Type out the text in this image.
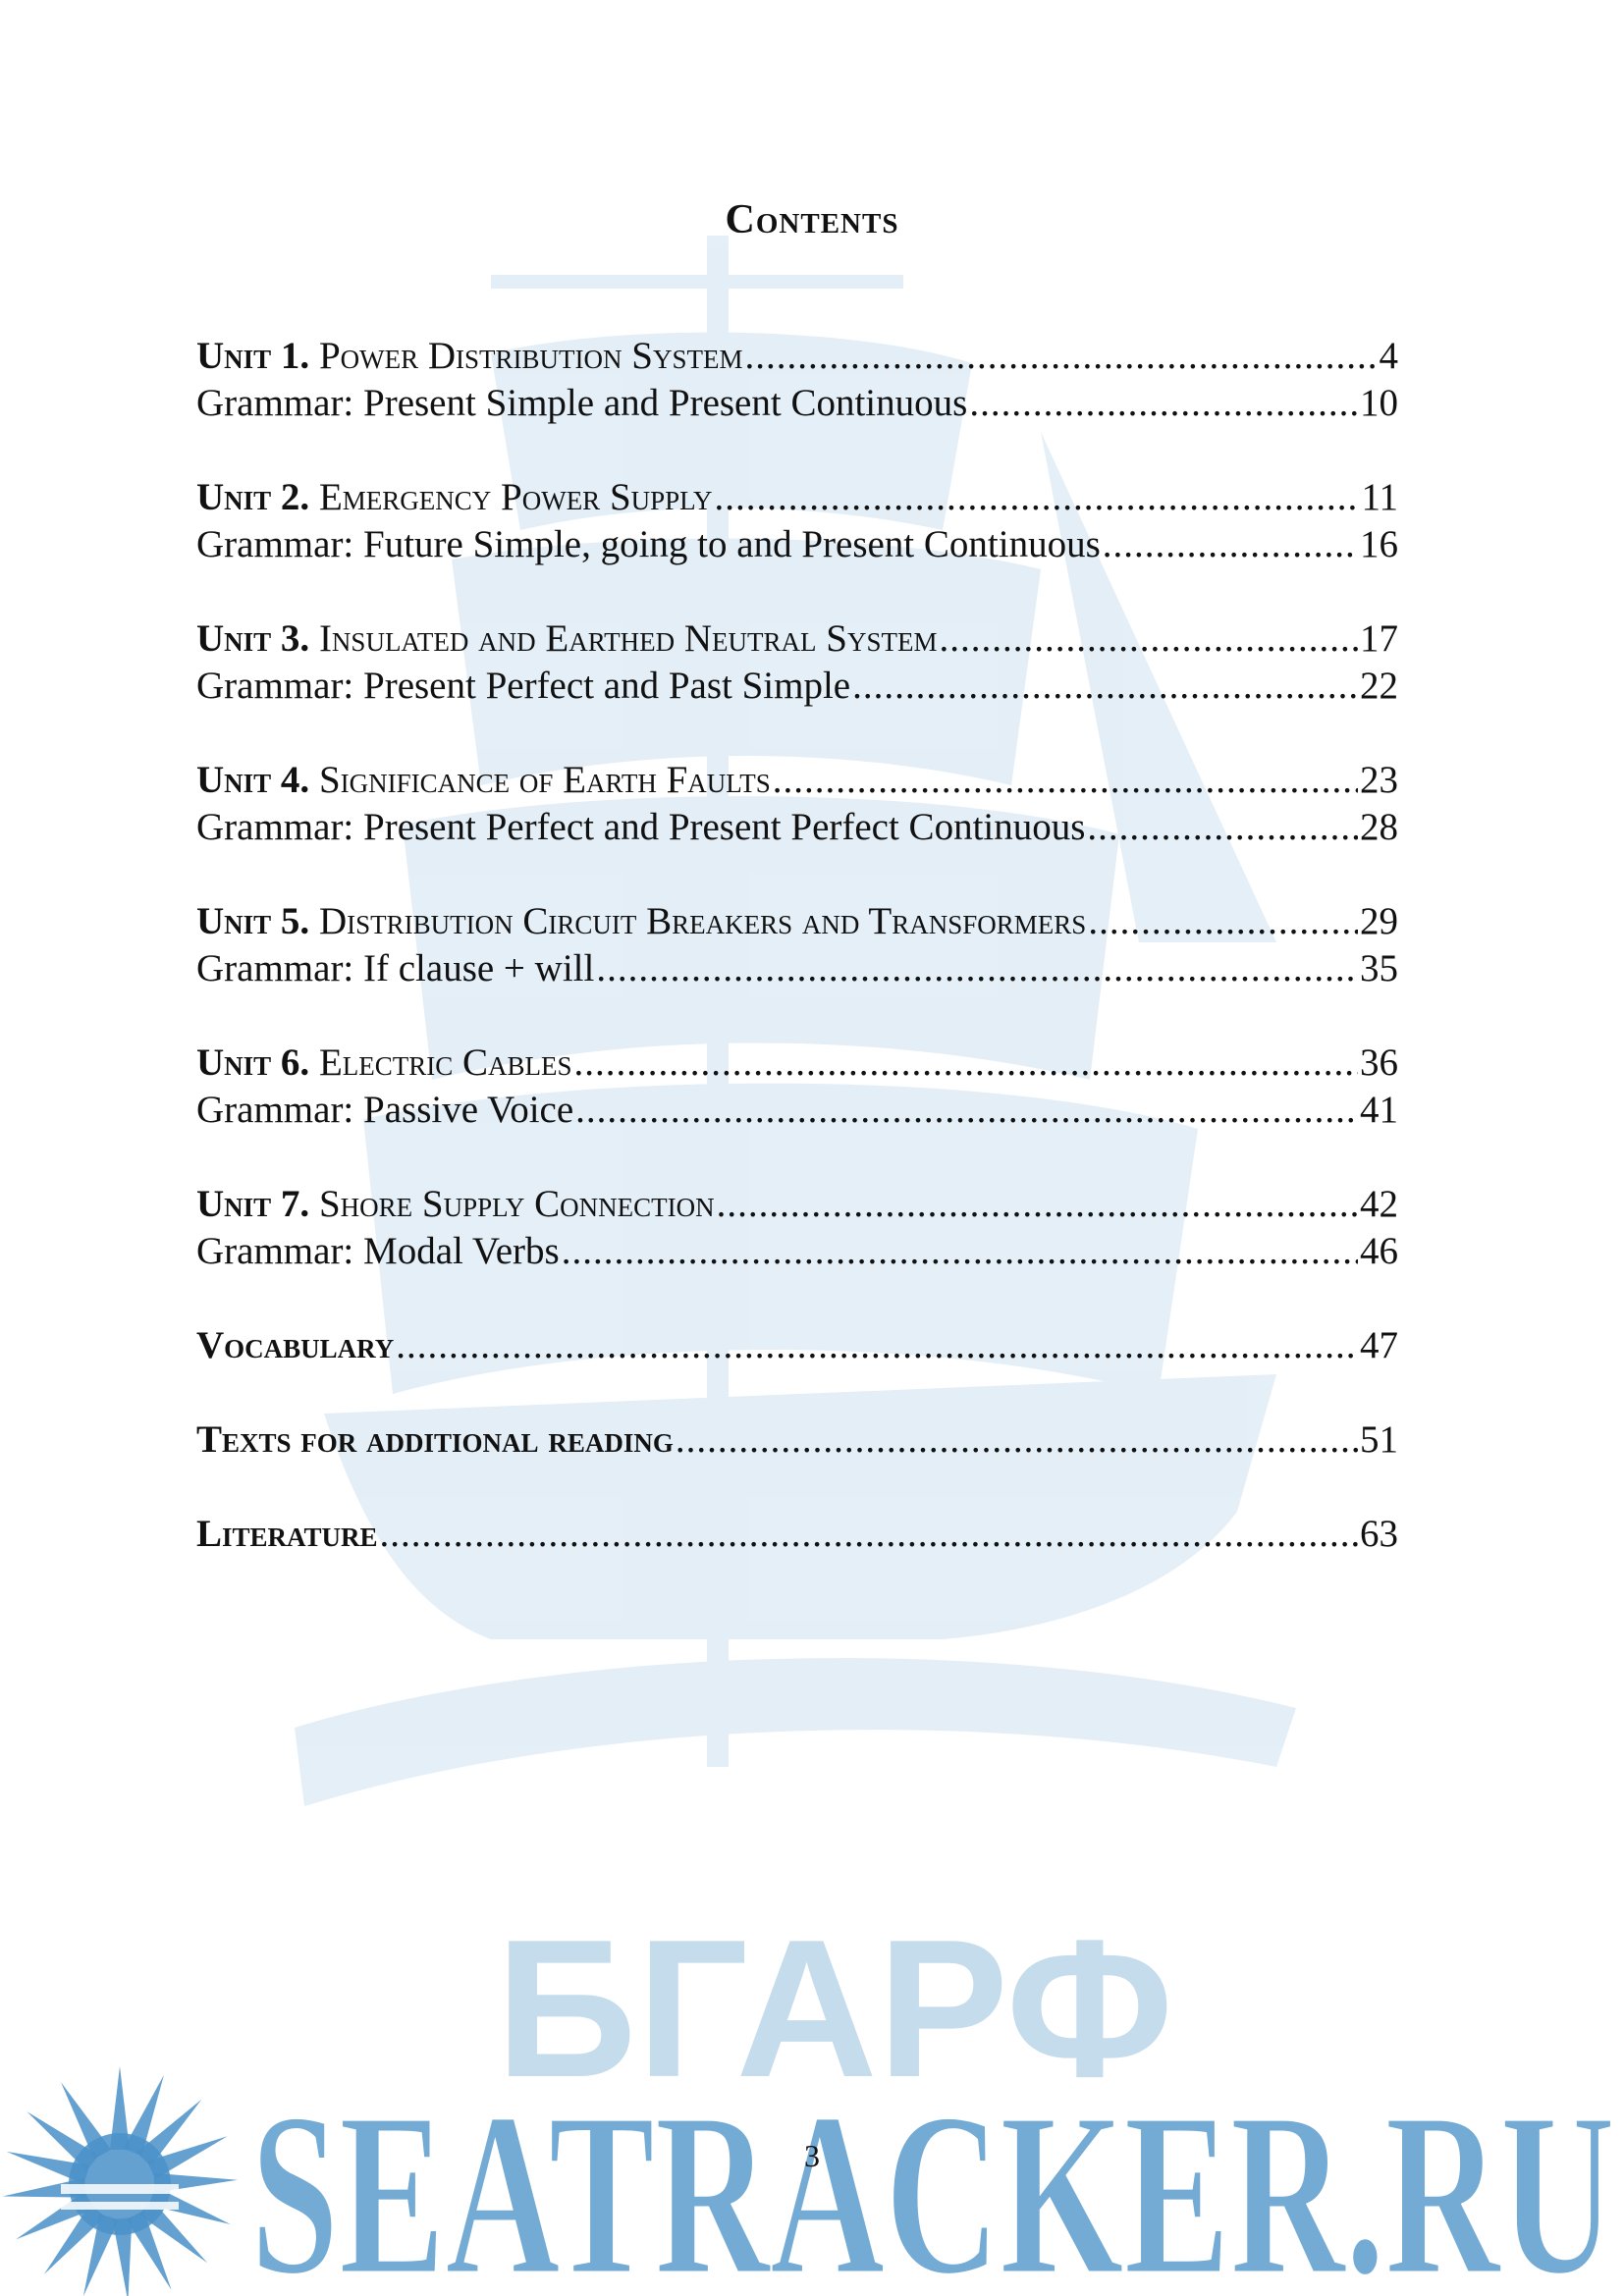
БГАРФ
SEATRACKER.RU
Contents
Unit 1. Power Distribution System .....	4
Grammar: Present Simple and Present Continuous .....	10
Unit 2. Emergency Power Supply .....	11
Grammar: Future Simple, going to and Present Continuous .....	16
Unit 3. Insulated and Earthed Neutral System .....	17
Grammar: Present Perfect and Past Simple .....	22
Unit 4. Significance of Earth Faults .....	23
Grammar: Present Perfect and Present Perfect Continuous .....	28
Unit 5. Distribution Circuit Breakers and Transformers .....	29
Grammar: If clause + will .....	35
Unit 6. Electric Cables .....	36
Grammar: Passive Voice .....	41
Unit 7. Shore Supply Connection .....	42
Grammar: Modal Verbs .....	46
Vocabulary .....	47
Texts for additional reading .....	51
Literature .....	63
3
